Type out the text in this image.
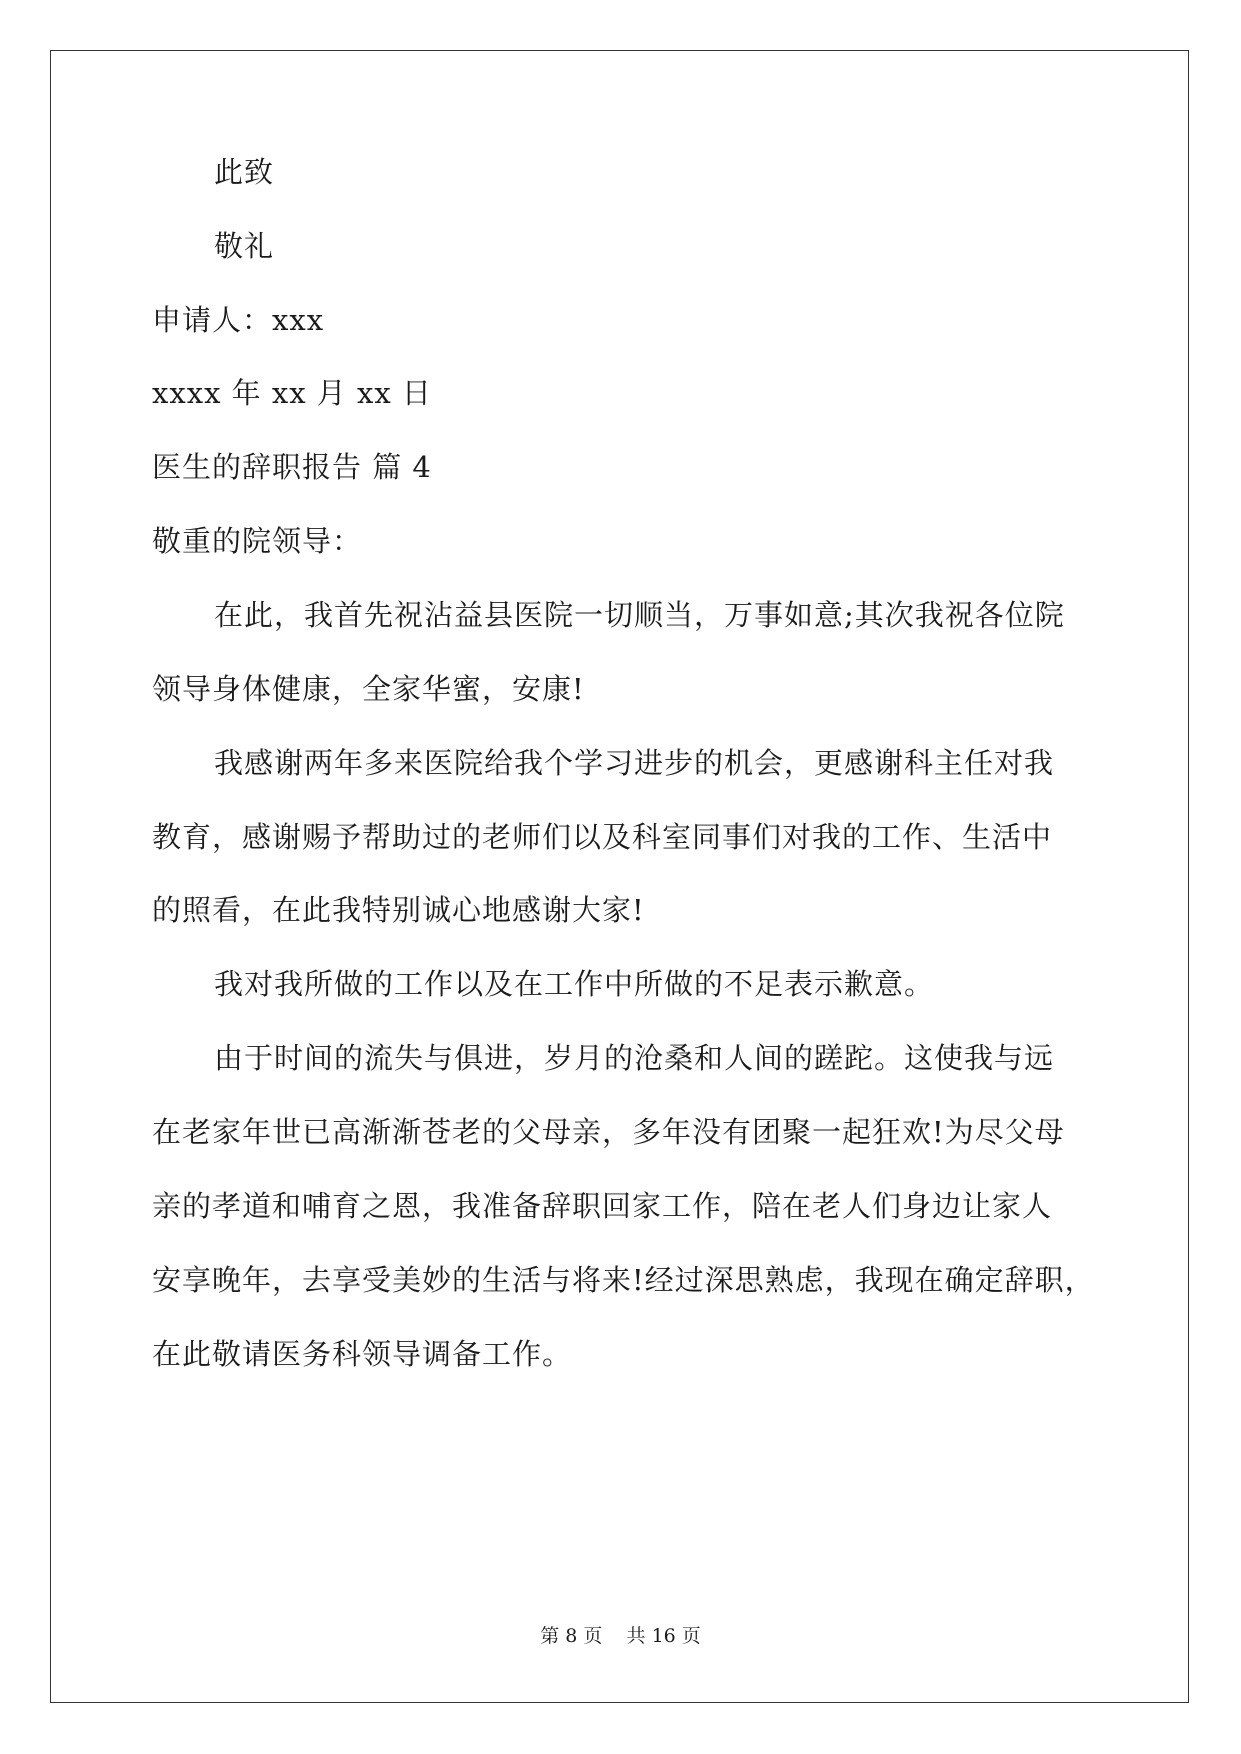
此致
敬礼
申请人：xxx
xxxx 年 xx 月 xx 日
医生的辞职报告 篇 4
敬重的院领导：
在此，我首先祝沾益县医院一切顺当，万事如意;其次我祝各位院
领导身体健康，全家华蜜，安康!
我感谢两年多来医院给我个学习进步的机会，更感谢科主任对我
教育，感谢赐予帮助过的老师们以及科室同事们对我的工作、生活中
的照看，在此我特别诚心地感谢大家!
我对我所做的工作以及在工作中所做的不足表示歉意。
由于时间的流失与俱进，岁月的沧桑和人间的蹉跎。这使我与远
在老家年世已高渐渐苍老的父母亲，多年没有团聚一起狂欢!为尽父母
亲的孝道和哺育之恩，我准备辞职回家工作，陪在老人们身边让家人
安享晚年，去享受美妙的生活与将来!经过深思熟虑，我现在确定辞职，
在此敬请医务科领导调备工作。
第 8 页    共 16 页
